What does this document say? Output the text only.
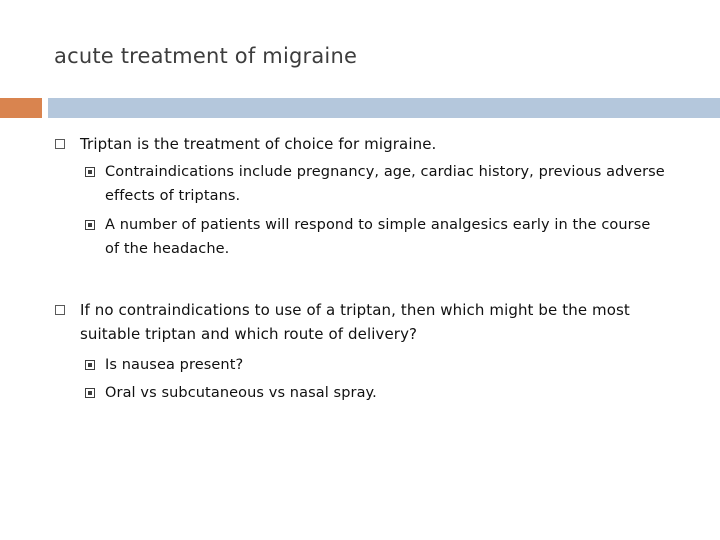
acute treatment of migraine
Triptan is the treatment of choice for migraine.
Contraindications include pregnancy, age, cardiac history, previous adverse effects of triptans.
A number of patients will respond to simple analgesics early in the course of the headache.
If no contraindications to use of a triptan, then which might be the most suitable triptan and which route of delivery?
Is nausea present?
Oral vs subcutaneous vs nasal spray.
